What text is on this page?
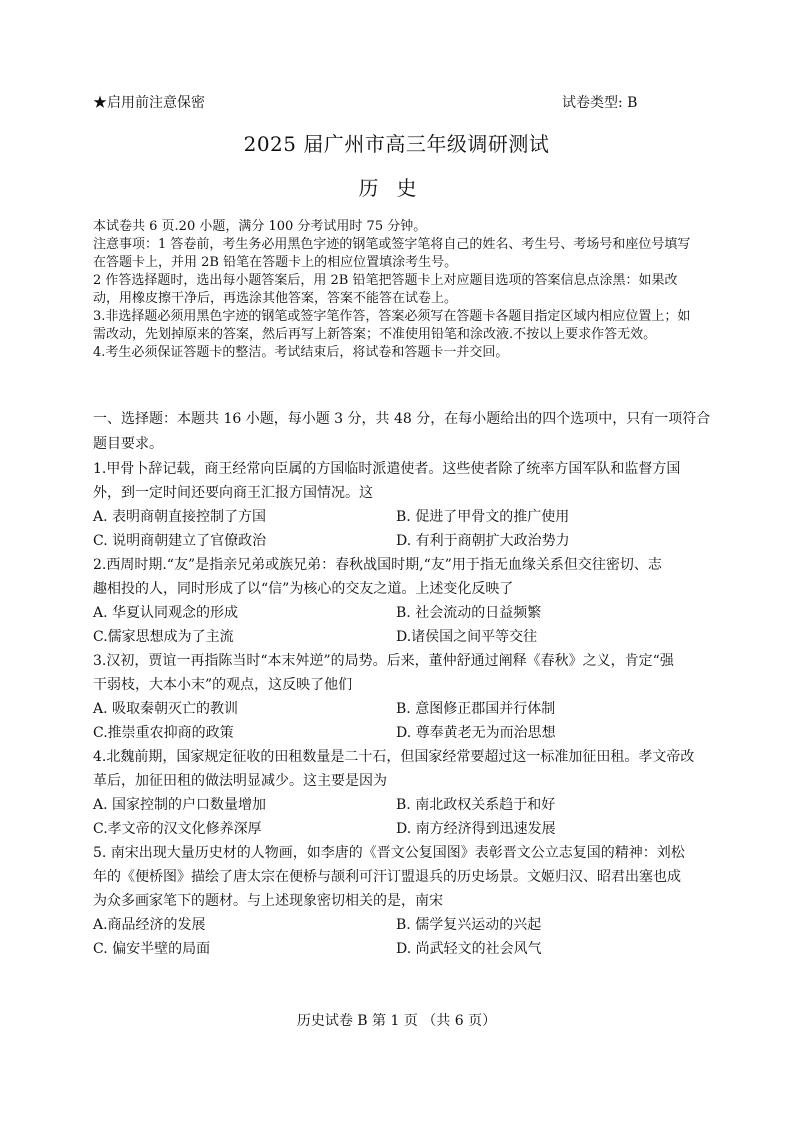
★启用前注意保密	试卷类型: B
2025 届广州市高三年级调研测试
历史

本试卷共 6 页.20 小题，满分 100 分考试用时 75 分钟。

注意事项：1 答卷前，考生务必用黑色字迹的钢笔或签字笔将自己的姓名、考生号、考场号和座位号填写在答题卡上，并用 2B 铅笔在答题卡上的相应位置填涂考生号。

2 作答选择题时，选出每小题答案后，用 2B 铅笔把答题卡上对应题目选项的答案信息点涂黑：如果改动，用橡皮擦干净后，再选涂其他答案，答案不能答在试卷上。

3.非选择题必须用黑色字迹的钢笔或签字笔作答，答案必须写在答题卡各题目指定区域内相应位置上；如需改动，先划掉原来的答案，然后再写上新答案；不准使用铅笔和涂改液.不按以上要求作答无效。

4.考生必须保证答题卡的整洁。考试结束后，将试卷和答题卡一并交回。

一、选择题：本题共 16 小题，每小题 3 分，共 48 分，在每小题给出的四个选项中，只有一项符合
题目要求。
1.甲骨卜辞记载，商王经常向臣属的方国临时派遣使者。这些使者除了统率方国军队和监督方国
外，到一定时间还要向商王汇报方国情况。这
A. 表明商朝直接控制了方国	B. 促进了甲骨文的推广使用
C. 说明商朝建立了官僚政治	D. 有利于商朝扩大政治势力
2.西周时期.“友”是指亲兄弟或族兄弟：春秋战国时期,“友”用于指无血缘关系但交往密切、志
趣相投的人，同时形成了以“信”为核心的交友之道。上述变化反映了
A. 华夏认同观念的形成	B. 社会流动的日益频繁
C.儒家思想成为了主流	D.诸侯国之间平等交往
3.汉初，贾谊一再指陈当时“本末舛逆”的局势。后来，董仲舒通过阐释《春秋》之义，肯定“强
干弱枝，大本小末”的观点，这反映了他们
A. 吸取秦朝灭亡的教训	B. 意图修正郡国并行体制
C.推崇重农抑商的政策	D. 尊奉黄老无为而治思想
4.北魏前期，国家规定征收的田租数量是二十石，但国家经常要超过这一标准加征田租。孝文帝改
革后，加征田租的做法明显减少。这主要是因为
A. 国家控制的户口数量增加	B. 南北政权关系趋于和好
C.孝文帝的汉文化修养深厚	D. 南方经济得到迅速发展
5. 南宋出现大量历史材的人物画，如李唐的《晋文公复国图》表彰晋文公立志复国的精神：刘松
年的《便桥图》描绘了唐太宗在便桥与颉利可汗订盟退兵的历史场景。文姬归汉、昭君出塞也成
为众多画家笔下的题材。与上述现象密切相关的是，南宋
A.商品经济的发展	B. 儒学复兴运动的兴起
C. 偏安半壁的局面	D. 尚武轻文的社会风气
历史试卷 B 第 1 页 （共 6 页）
